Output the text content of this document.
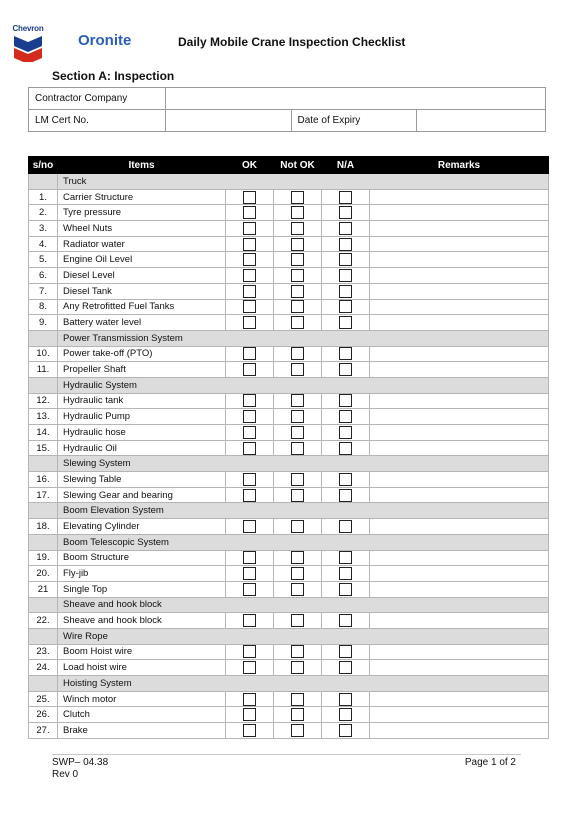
Chevron
Oronite	Daily Mobile Crane Inspection Checklist
Section A: Inspection
Contractor Company			
LM Cert No.		Date of Expiry	
s/no	Items	OK	Not OK	N/A	Remarks
	Truck				
1.	Carrier Structure				
2.	Tyre pressure				
3.	Wheel Nuts				
4.	Radiator water				
5.	Engine Oil Level				
6.	Diesel Level				
7.	Diesel Tank				
8.	Any Retrofitted Fuel Tanks				
9.	Battery water level				
	Power Transmission System				
10.	Power take-off (PTO)				
11.	Propeller Shaft				
	Hydraulic System				
12.	Hydraulic tank				
13.	Hydraulic Pump				
14.	Hydraulic hose				
15.	Hydraulic Oil				
	Slewing System				
16.	Slewing Table				
17.	Slewing Gear and bearing				
	Boom Elevation System				
18.	Elevating Cylinder				
	Boom Telescopic System				
19.	Boom Structure				
20.	Fly-jib				
21	Single Top				
	Sheave and hook block				
22.	Sheave and hook block				
	Wire Rope				
23.	Boom Hoist wire				
24.	Load hoist wire				
	Hoisting System				
25.	Winch motor				
26.	Clutch				
27.	Brake				
SWP– 04.38
Rev 0
Page 1 of 2
